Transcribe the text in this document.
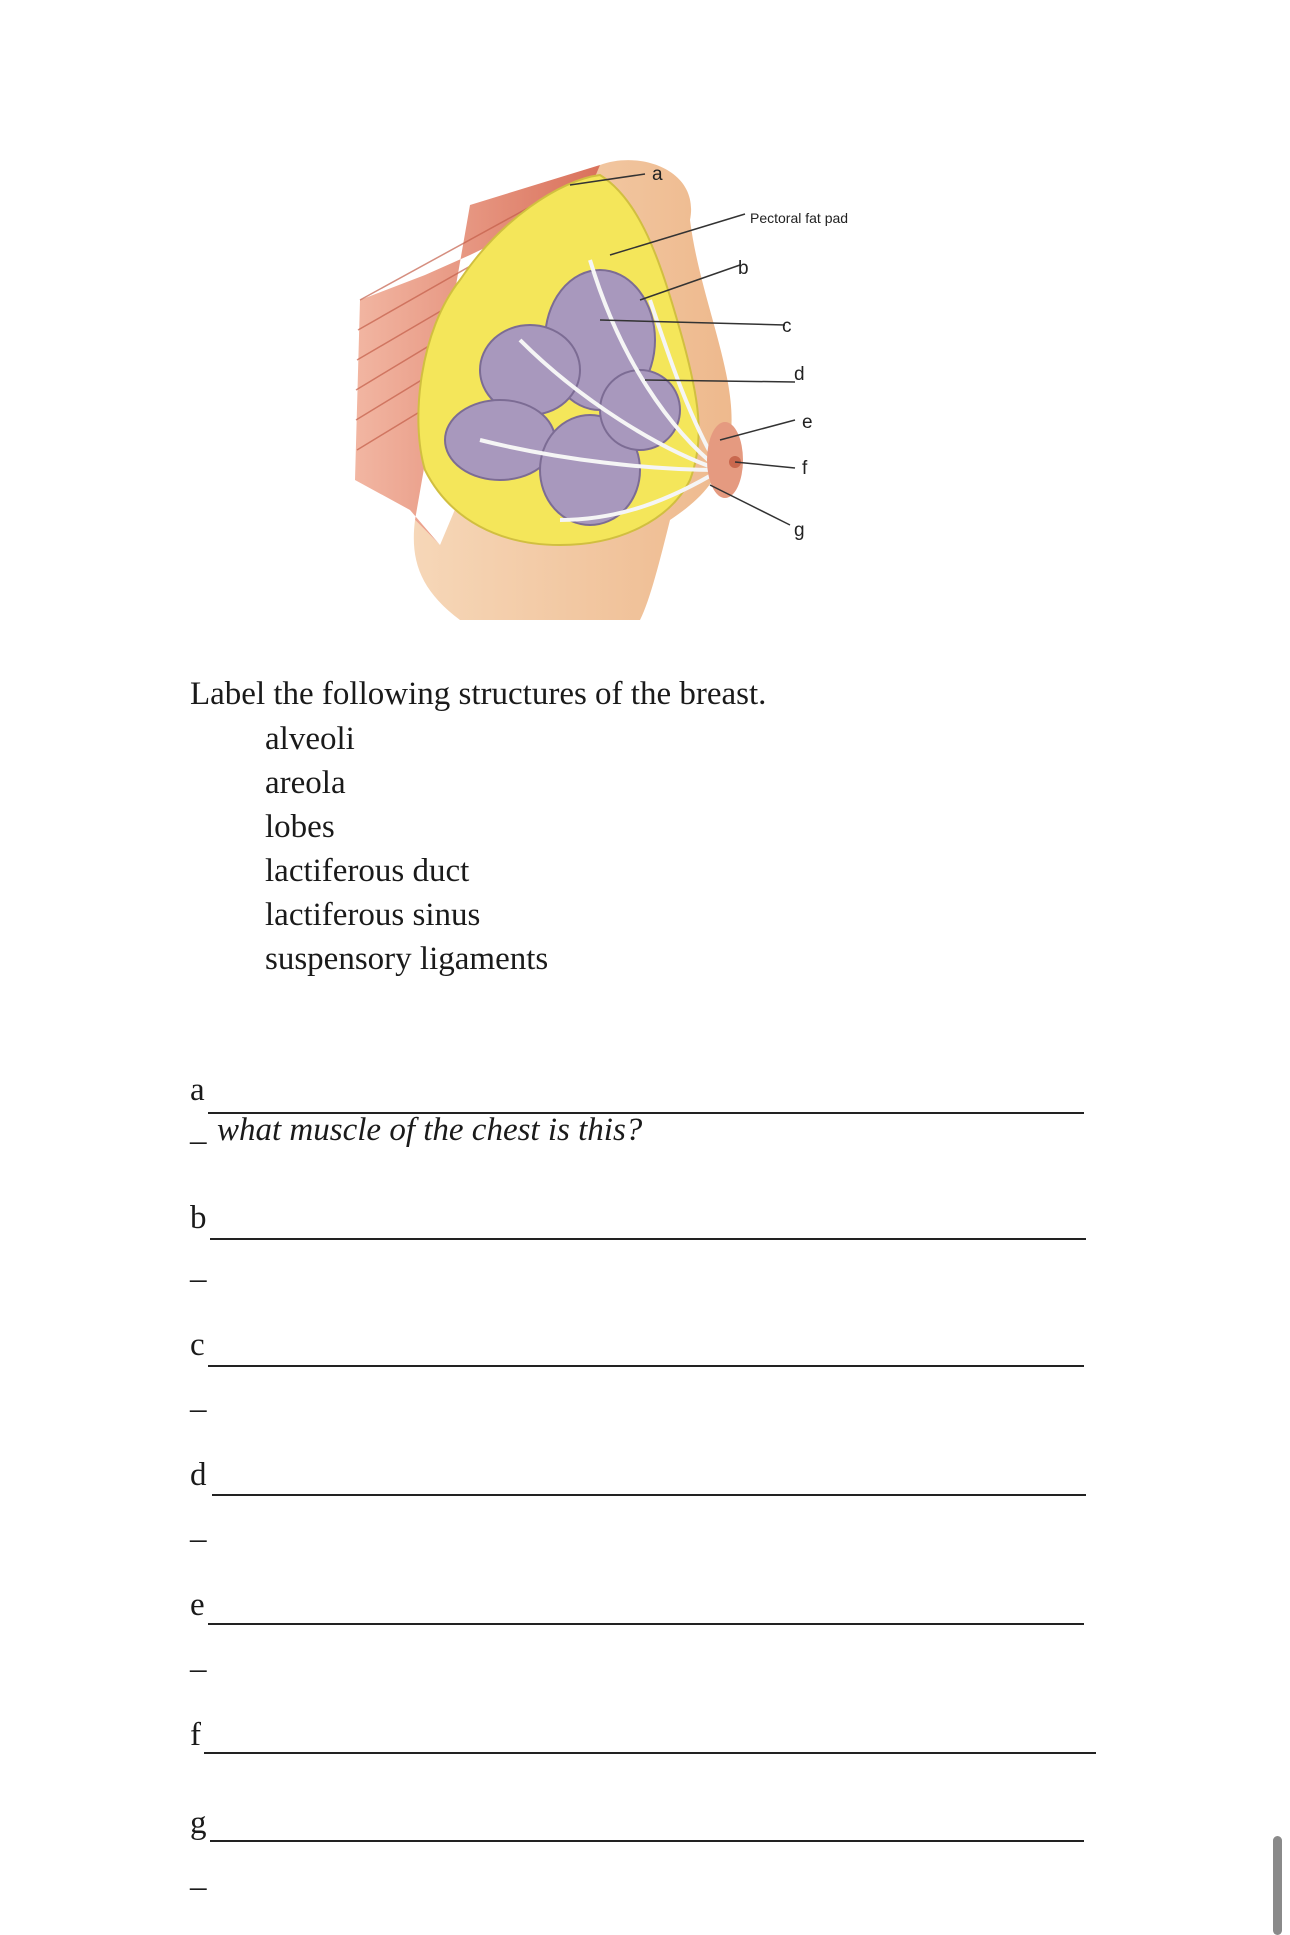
a
Pectoral fat pad
b
c
d
e
f
g
Label the following structures of the breast.
alveoli
areola
lobes
lactiferous duct
lactiferous sinus
suspensory ligaments
a
_ what muscle of the chest is this?
b
_
c
_
d
_
e
_
f
g
_
